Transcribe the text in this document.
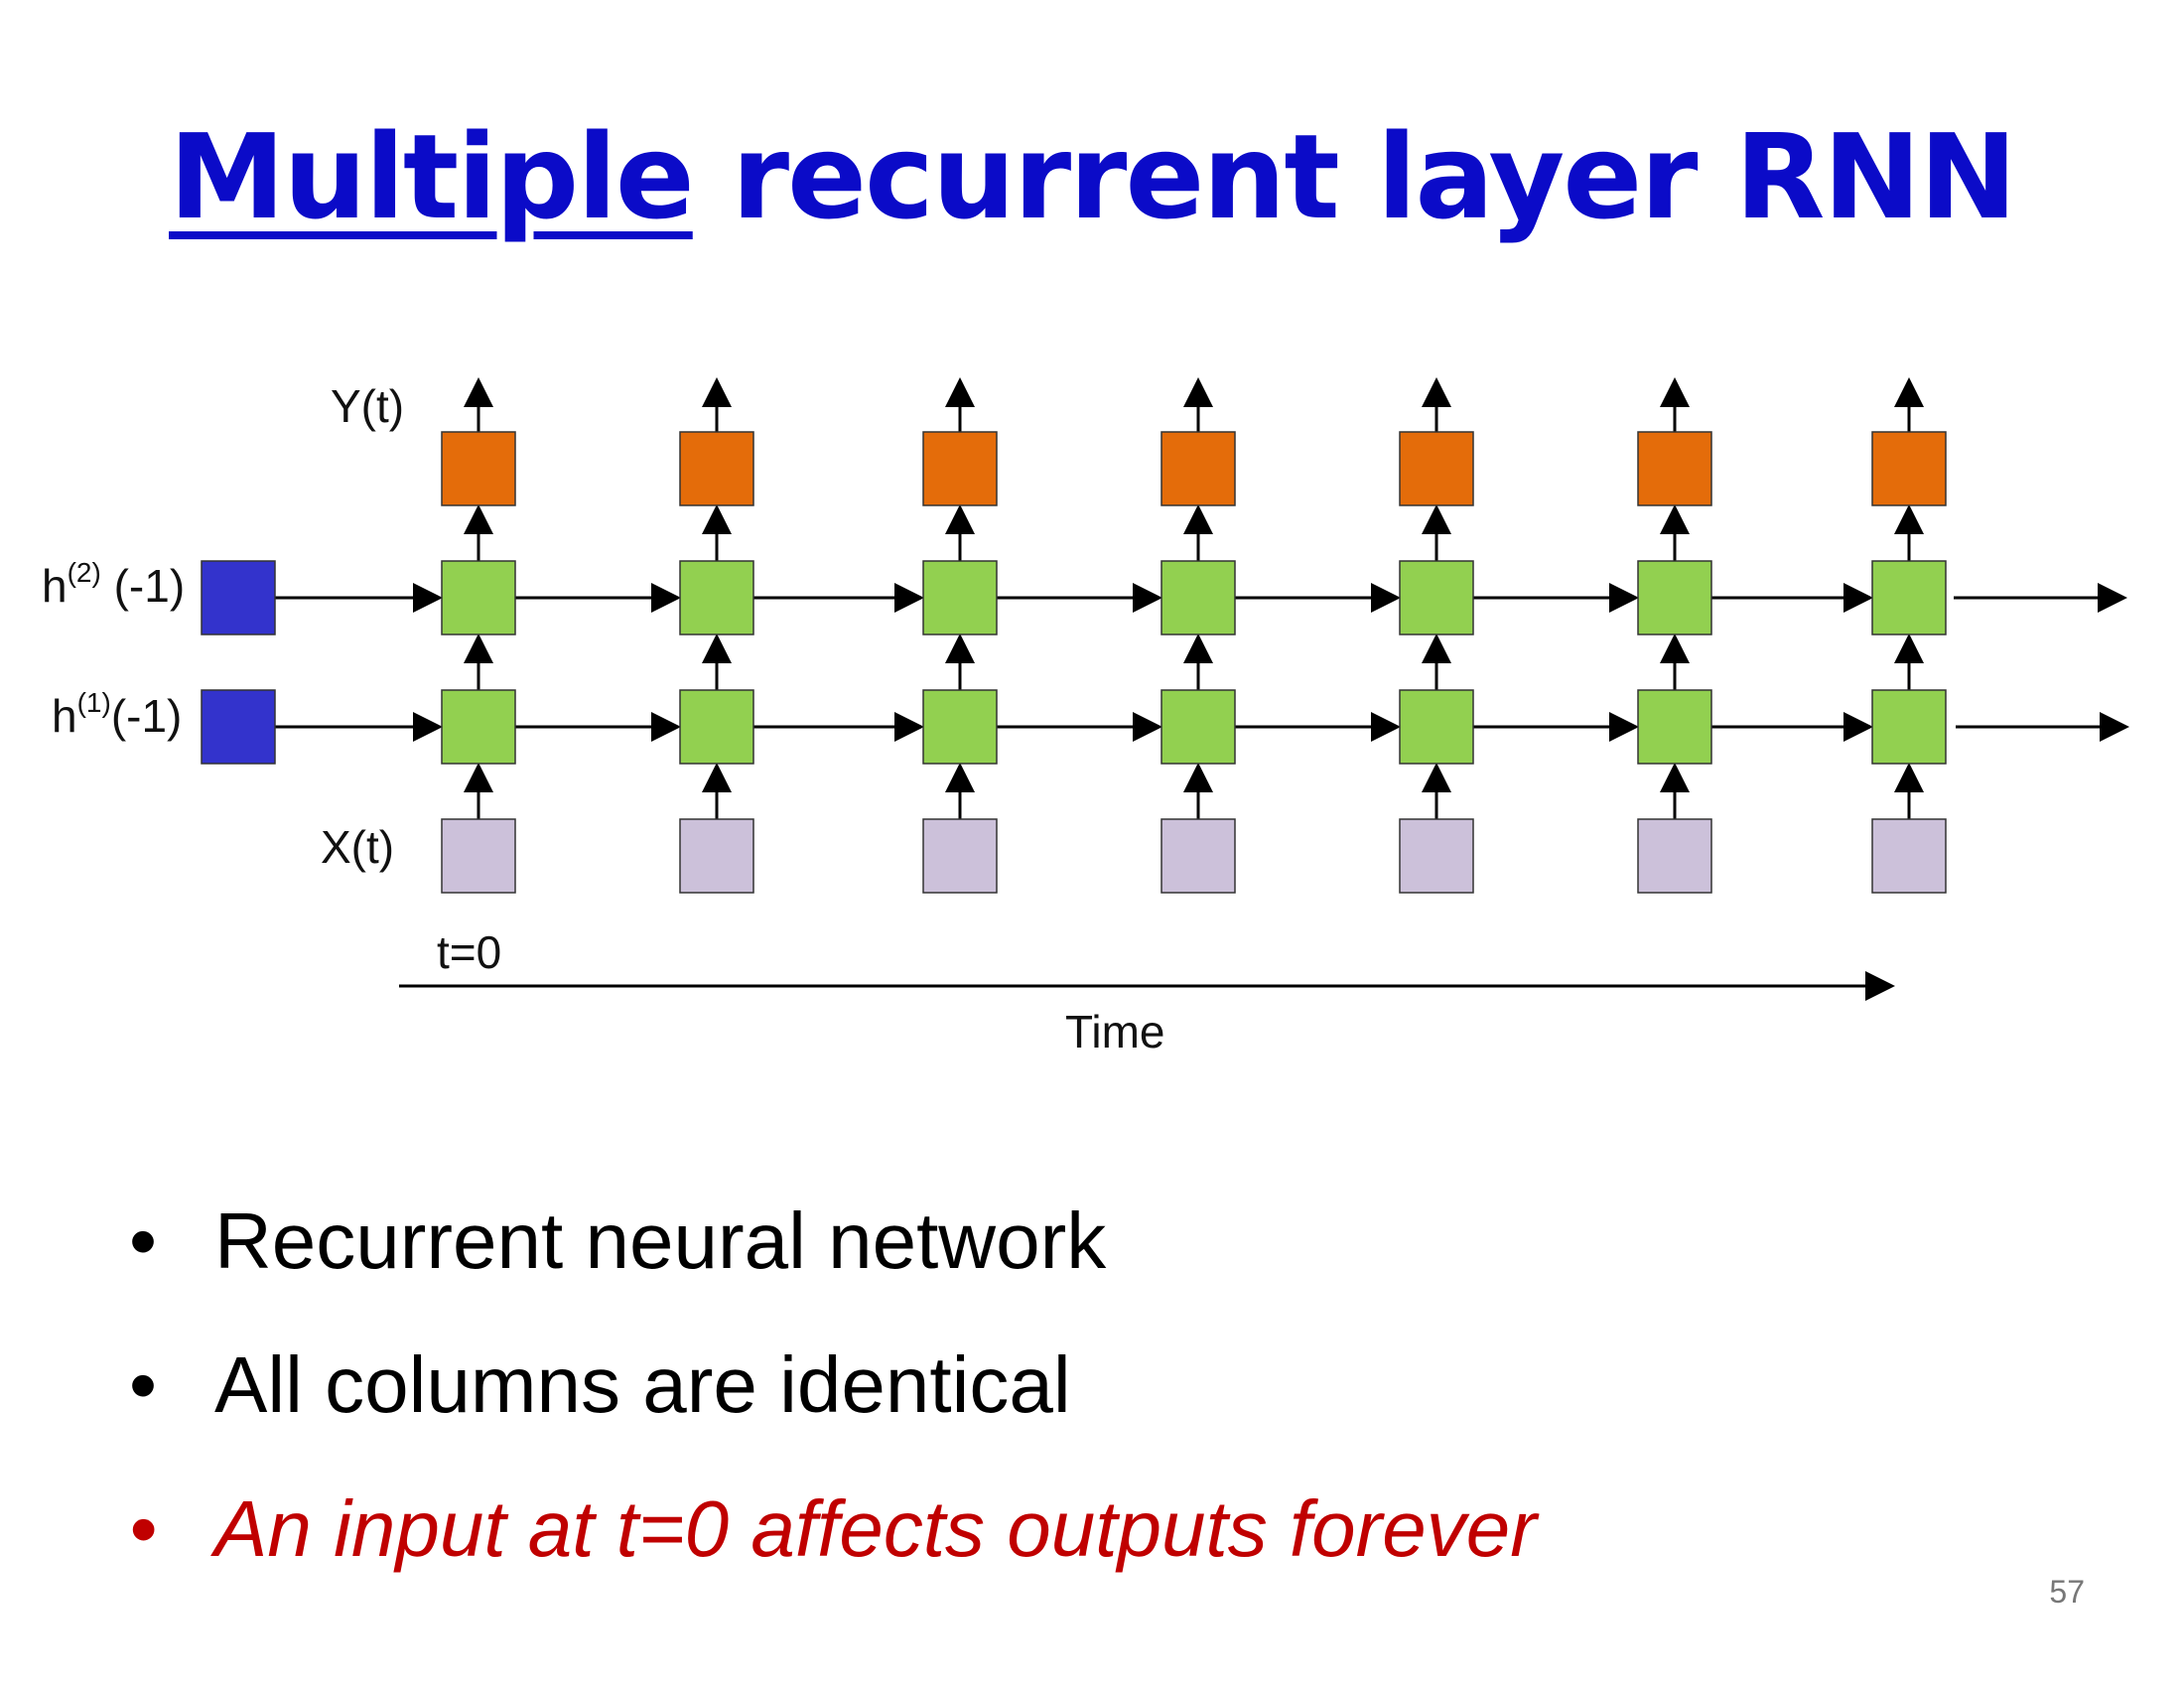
Multiple recurrent layer RNN
Y(t)
X(t)
$h^{(2)}$ (-1)
$h^{(1)}(-1)$
t=0
Time
• Recurrent neural network
• All columns are identical
• An input at t=0 affects outputs forever
57
